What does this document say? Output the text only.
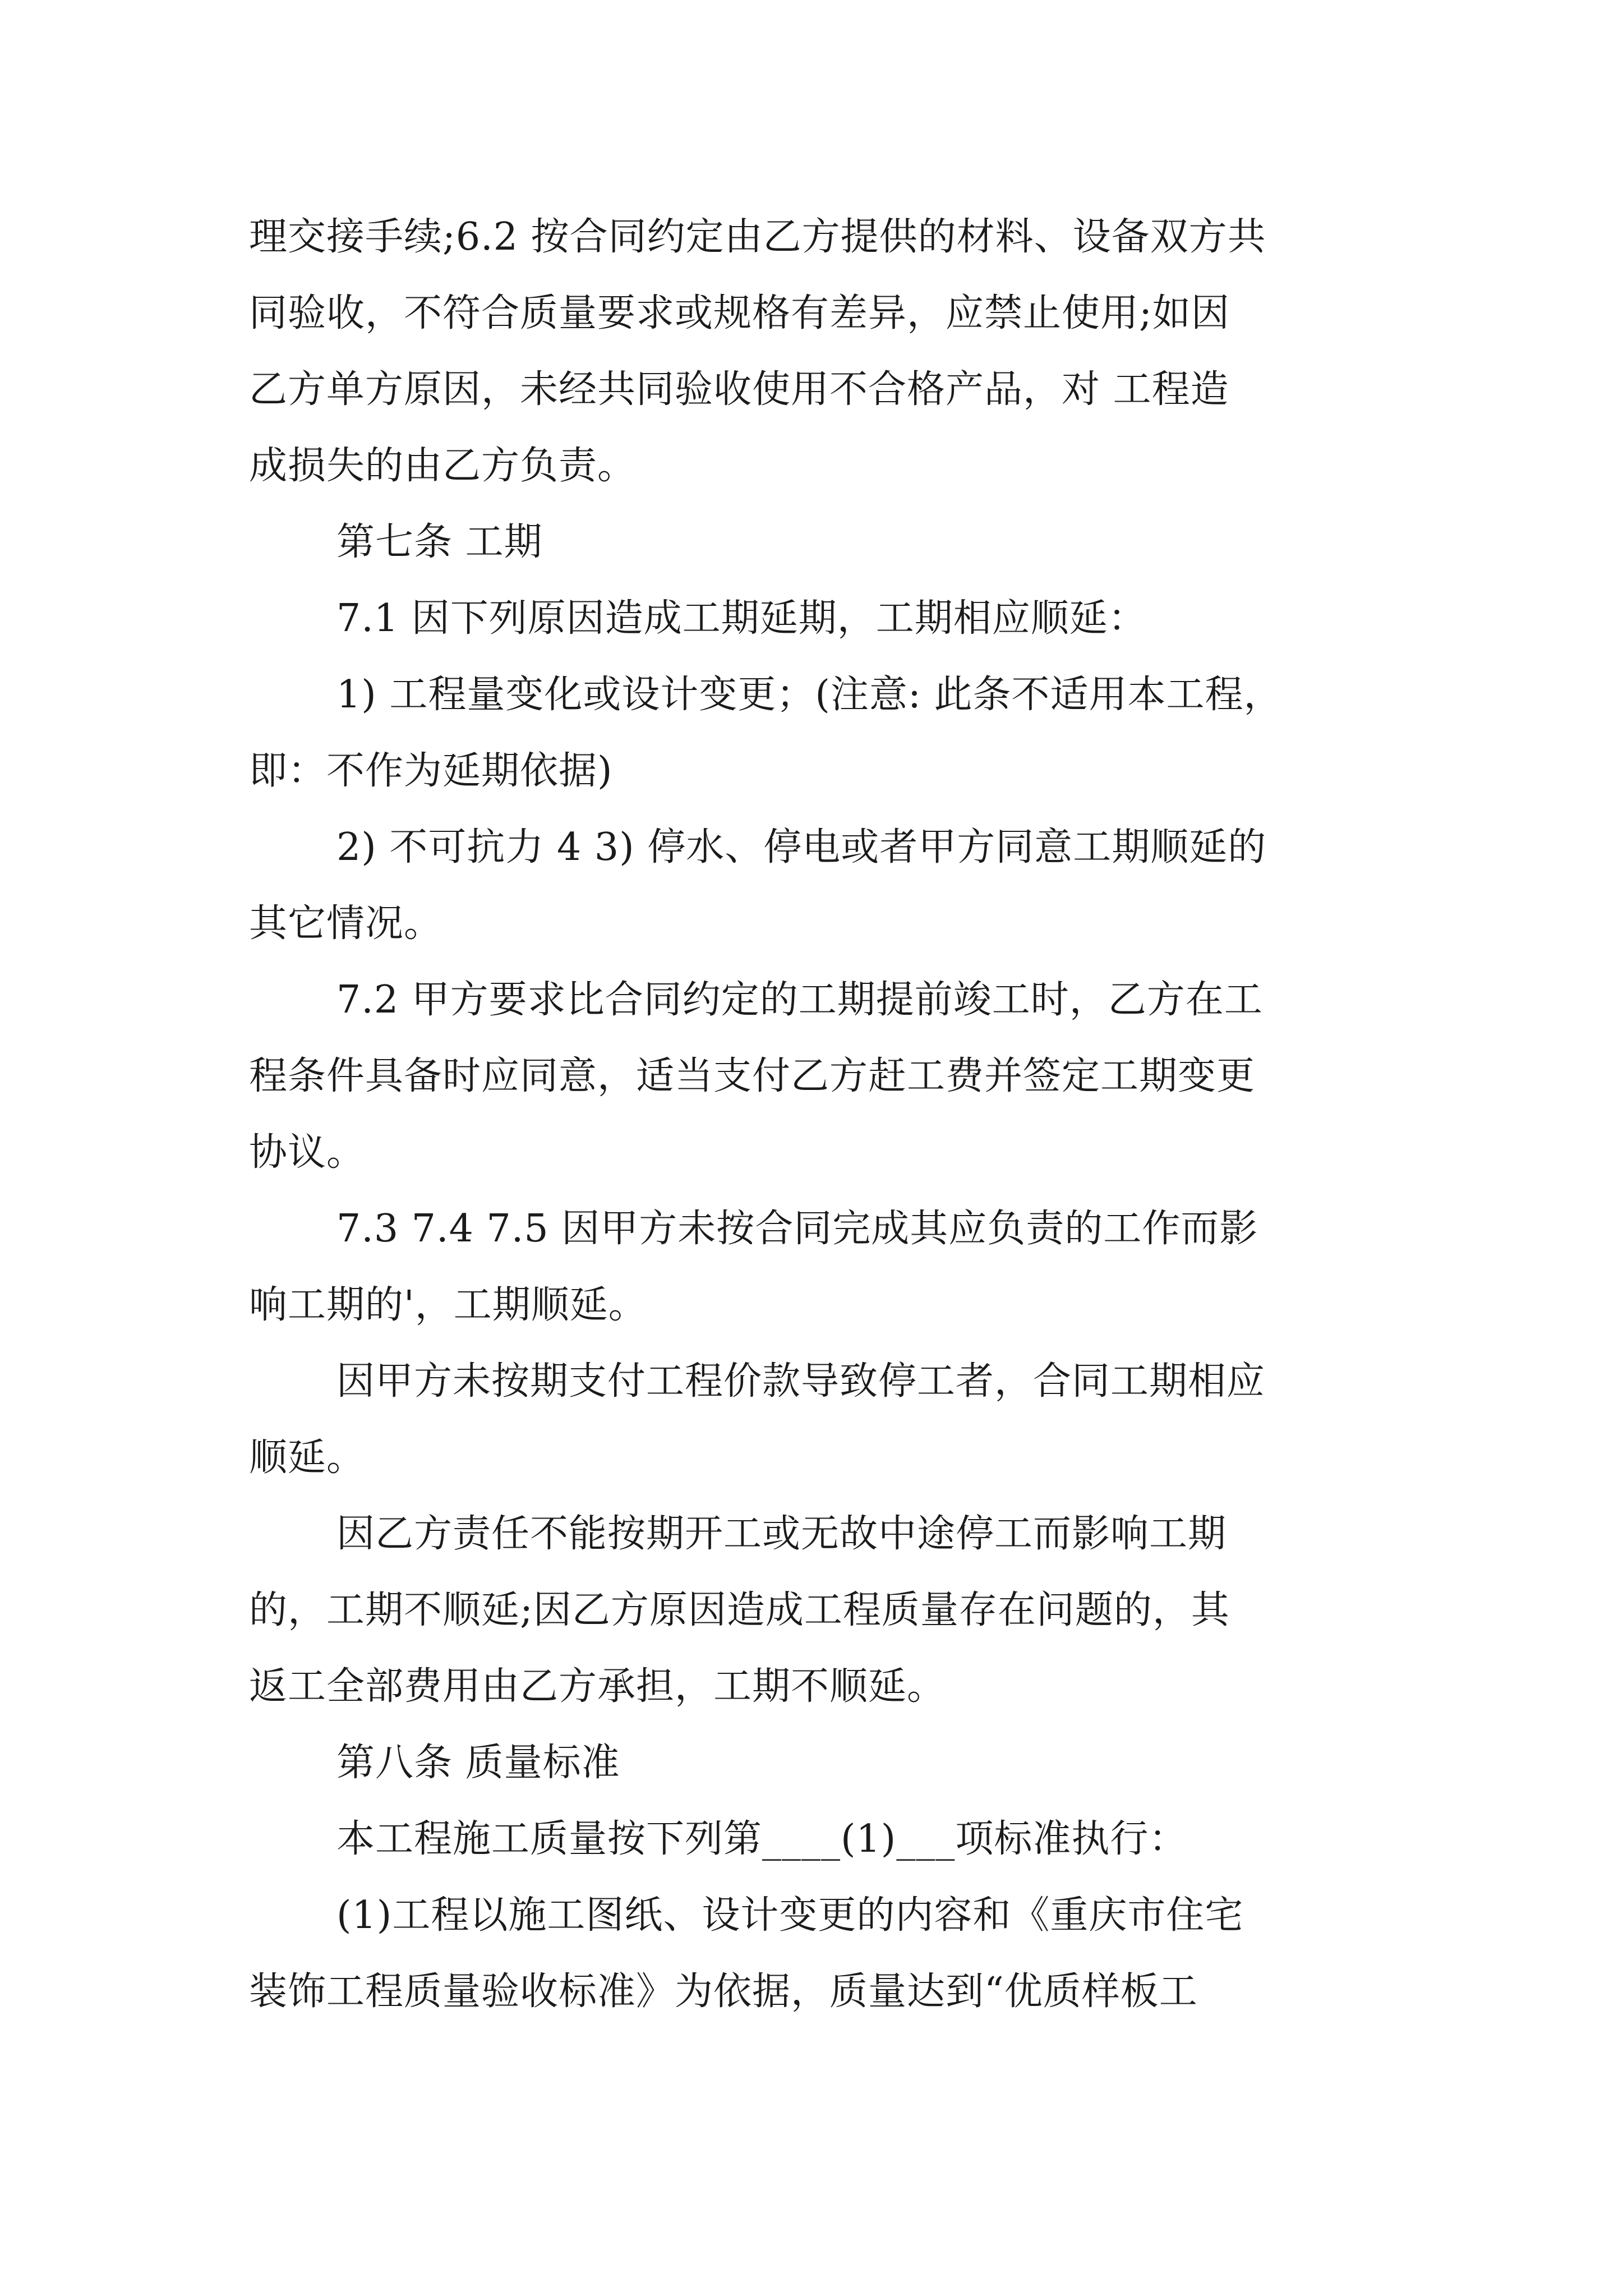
理交接手续;6.2 按合同约定由乙方提供的材料、设备双方共
同验收，不符合质量要求或规格有差异，应禁止使用;如因
乙方单方原因，未经共同验收使用不合格产品，对 工程造
成损失的由乙方负责。
第七条 工期
7.1 因下列原因造成工期延期，工期相应顺延：
1) 工程量变化或设计变更；(注意: 此条不适用本工程，
即：不作为延期依据)
2) 不可抗力 4 3) 停水、停电或者甲方同意工期顺延的
其它情况。
7.2 甲方要求比合同约定的工期提前竣工时，乙方在工
程条件具备时应同意，适当支付乙方赶工费并签定工期变更
协议。
7.3 7.4 7.5 因甲方未按合同完成其应负责的工作而影
响工期的'，工期顺延。
因甲方未按期支付工程价款导致停工者，合同工期相应
顺延。
因乙方责任不能按期开工或无故中途停工而影响工期
的，工期不顺延;因乙方原因造成工程质量存在问题的，其
返工全部费用由乙方承担，工期不顺延。
第八条 质量标准
本工程施工质量按下列第____(1)___项标准执行：
(1)工程以施工图纸、设计变更的内容和《重庆市住宅
装饰工程质量验收标准》为依据，质量达到“优质样板工
